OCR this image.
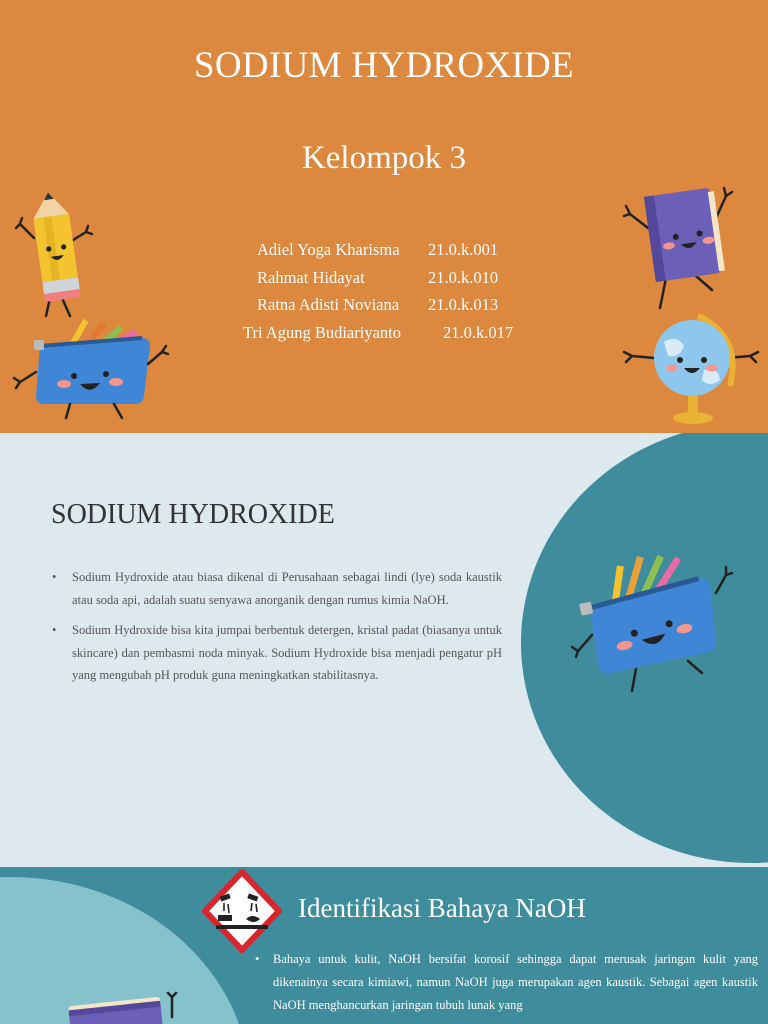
SODIUM HYDROXIDE
Kelompok 3
Adiel Yoga Kharisma 21.0.k.001
Rahmat Hidayat	21.0.k.010
Ratna Adisti Noviana 21.0.k.013
Tri Agung Budiariyanto	21.0.k.017
SODIUM HYDROXIDE
• Sodium Hydroxide atau biasa dikenal di Perusahaan sebagai lindi (lye) soda kaustik atau soda api, adalah suatu senyawa anorganik dengan rumus kimia NaOH.
• Sodium Hydroxide bisa kita jumpai berbentuk detergen, kristal padat (biasanya untuk skincare) dan pembasmi noda minyak. Sodium Hydroxide bisa menjadi pengatur pH yang mengubah pH produk guna meningkatkan stabilitasnya.
Identifikasi Bahaya NaOH
• Bahaya untuk kulit, NaOH bersifat korosif sehingga dapat merusak jaringan kulit yang dikenainya secara kimiawi, namun NaOH juga merupakan agen kaustik. Sebagai agen kaustik NaOH menghancurkan jaringan tubuh lunak yang
